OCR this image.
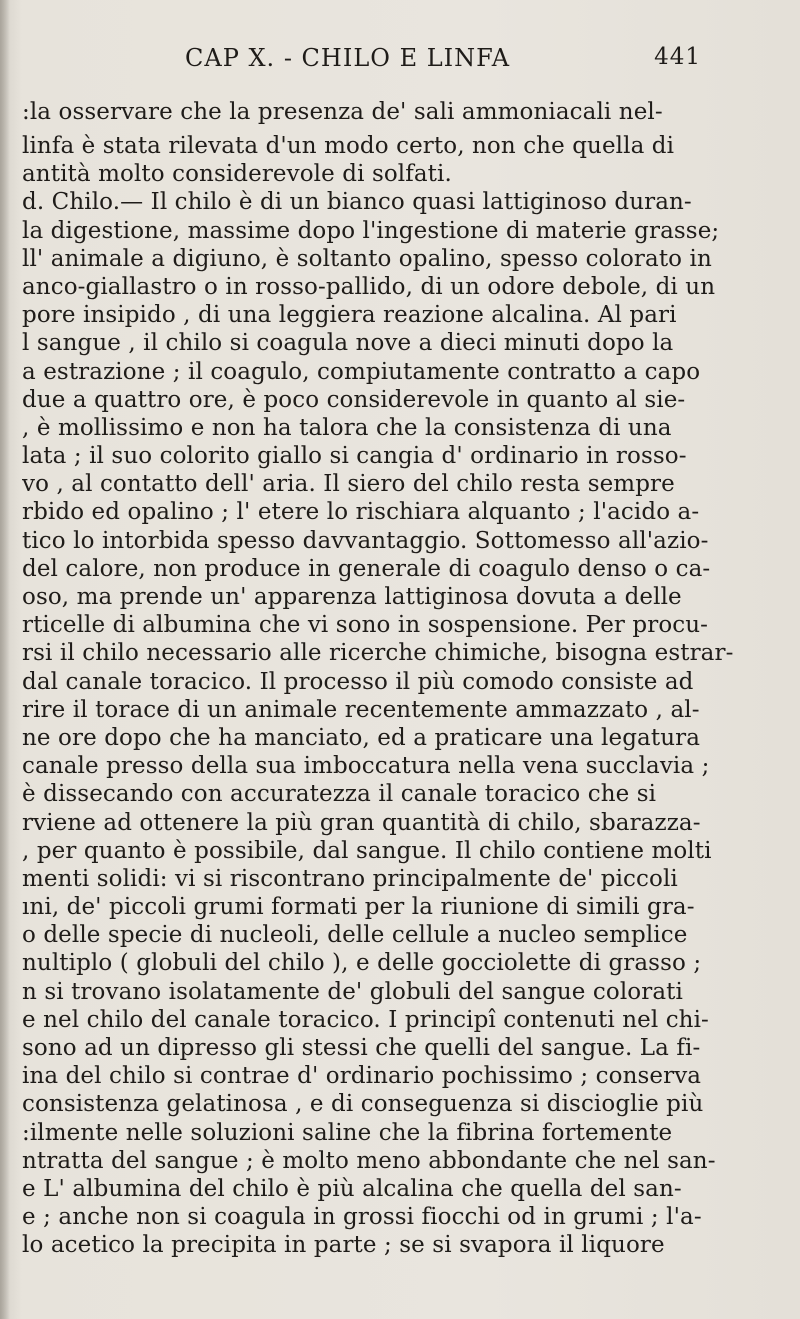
CAP X. - CHILO E LINFA	441
:la osservare che la presenza de' sali ammoniacali nel-
linfa è stata rilevata d'un modo certo, non che quella di
antità molto considerevole di solfati.
d. Chilo.— Il chilo è di un bianco quasi lattiginoso duran-
la digestione, massime dopo l'ingestione di materie grasse;
ll' animale a digiuno, è soltanto opalino, spesso colorato in
anco-giallastro o in rosso-pallido, di un odore debole, di un
pore insipido , di una leggiera reazione alcalina. Al pari
l sangue , il chilo si coagula nove a dieci minuti dopo la
a estrazione ; il coagulo, compiutamente contratto a capo
due a quattro ore, è poco considerevole in quanto al sie-
, è mollissimo e non ha talora che la consistenza di una
lata ; il suo colorito giallo si cangia d' ordinario in rosso-
vo , al contatto dell' aria. Il siero del chilo resta sempre
rbido ed opalino ; l' etere lo rischiara alquanto ; l'acido a-
tico lo intorbida spesso davvantaggio. Sottomesso all'azio-
del calore, non produce in generale di coagulo denso o ca-
oso, ma prende un' apparenza lattiginosa dovuta a delle
rticelle di albumina che vi sono in sospensione. Per procu-
rsi il chilo necessario alle ricerche chimiche, bisogna estrar-
dal canale toracico. Il processo il più comodo consiste ad
rire il torace di un animale recentemente ammazzato , al-
ne ore dopo che ha manciato, ed a praticare una legatura
canale presso della sua imboccatura nella vena succlavia ;
è dissecando con accuratezza il canale toracico che si
rviene ad ottenere la più gran quantità di chilo, sbarazza-
, per quanto è possibile, dal sangue. Il chilo contiene molti
menti solidi: vi si riscontrano principalmente de' piccoli
ıni, de' piccoli grumi formati per la riunione di simili gra-
o delle specie di nucleoli, delle cellule a nucleo semplice
nultiplo ( globuli del chilo ), e delle gocciolette di grasso ;
n si trovano isolatamente de' globuli del sangue colorati
e nel chilo del canale toracico. I principî contenuti nel chi-
sono ad un dipresso gli stessi che quelli del sangue. La fi-
ina del chilo si contrae d' ordinario pochissimo ; conserva
consistenza gelatinosa , e di conseguenza si discioglie più
:ilmente nelle soluzioni saline che la fibrina fortemente
ntratta del sangue ; è molto meno abbondante che nel san-
e L' albumina del chilo è più alcalina che quella del san-
e ; anche non si coagula in grossi fiocchi od in grumi ; l'a-
lo acetico la precipita in parte ; se si svapora il liquore
